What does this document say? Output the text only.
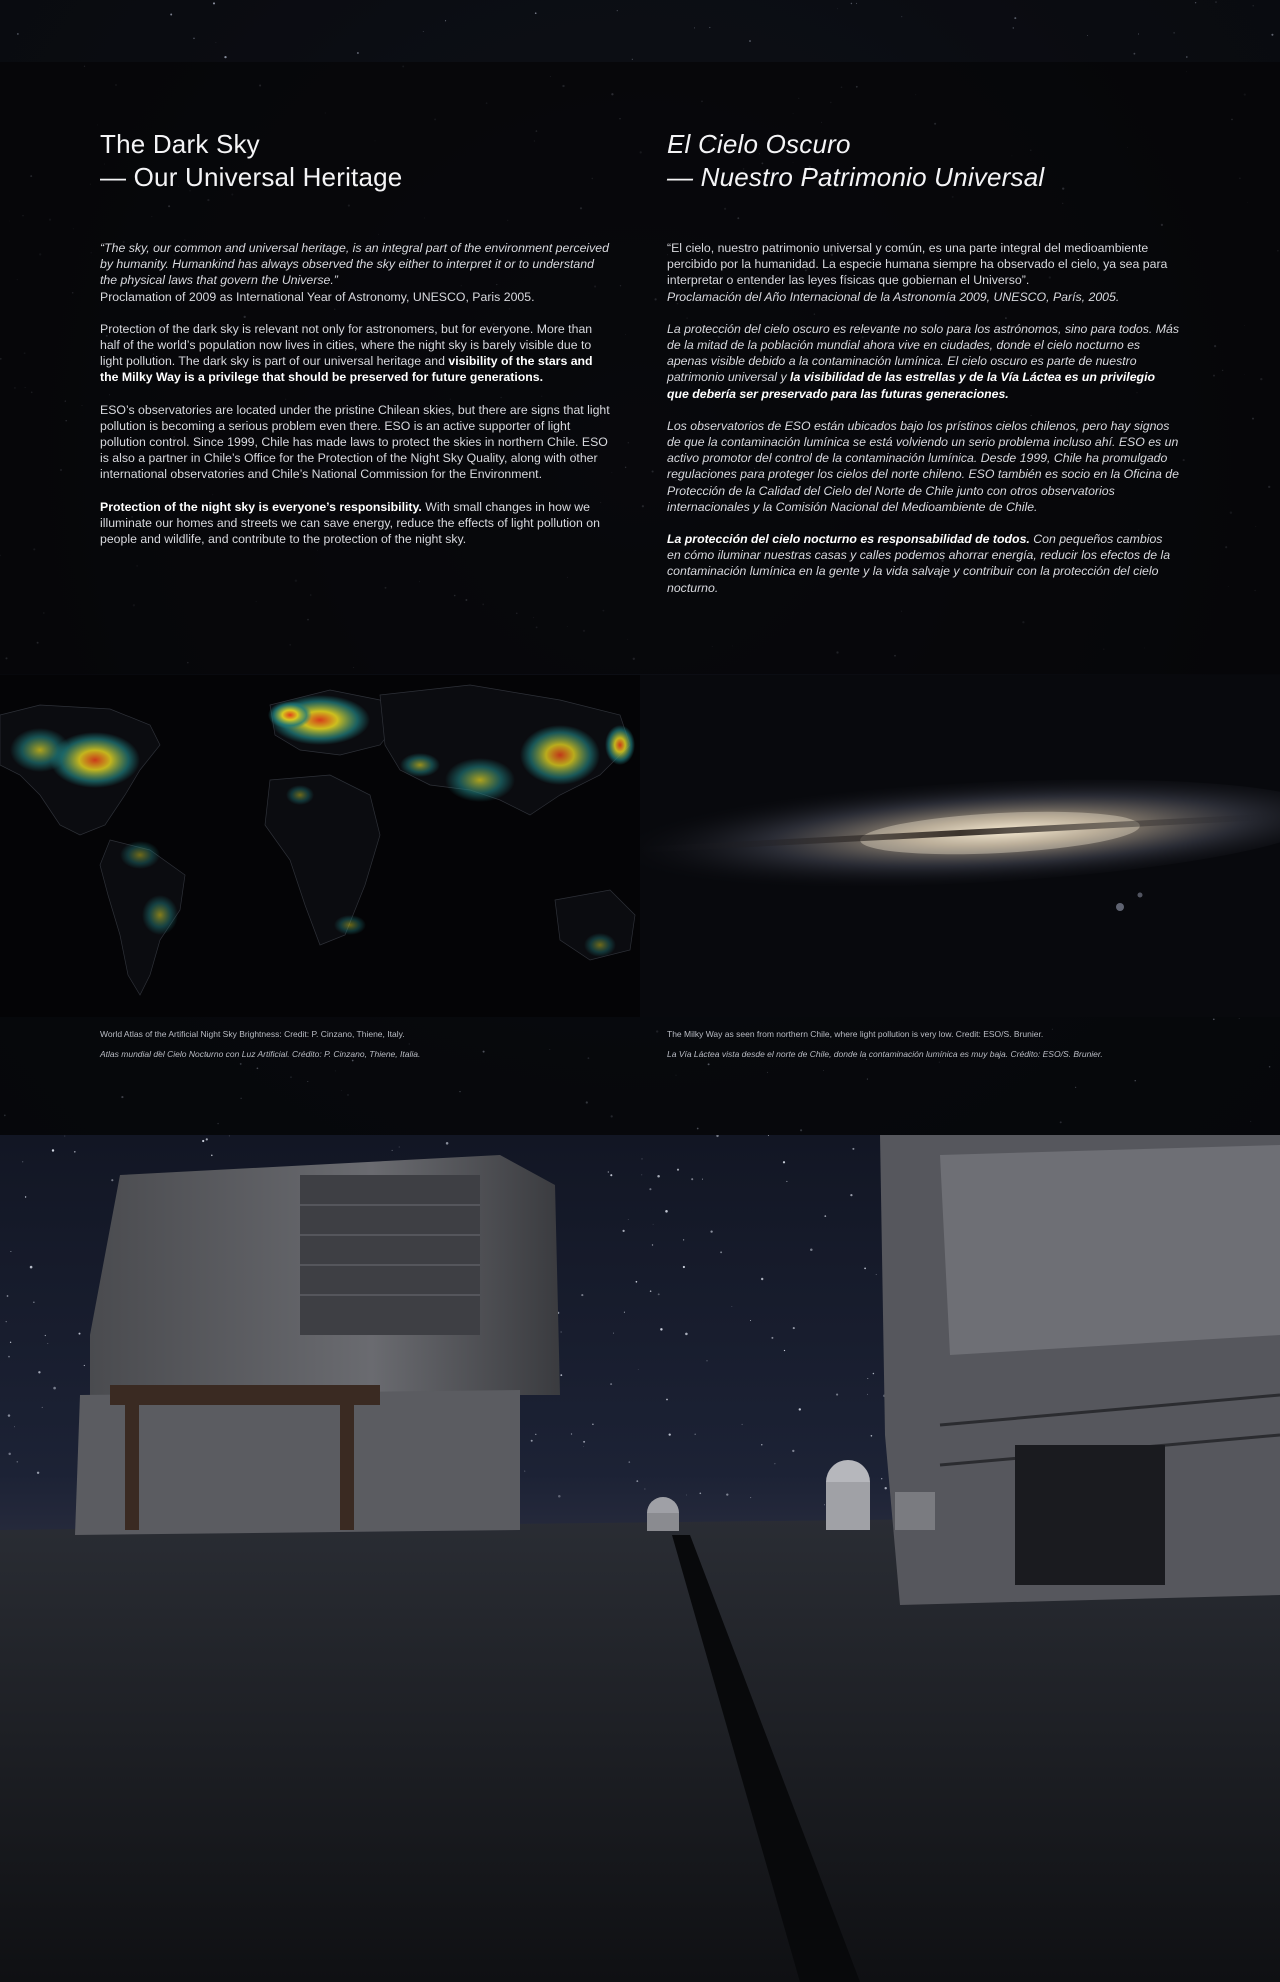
The Dark Sky
— Our Universal Heritage

“The sky, our common and universal heritage, is an integral part of the environment perceived by humanity. Humankind has always observed the sky either to interpret it or to understand the physical laws that govern the Universe.”
Proclamation of 2009 as International Year of Astronomy, UNESCO, Paris 2005.

Protection of the dark sky is relevant not only for astronomers, but for everyone. More than half of the world’s population now lives in cities, where the night sky is barely visible due to light pollution. The dark sky is part of our universal heritage and visibility of the stars and the Milky Way is a privilege that should be preserved for future generations.

ESO’s observatories are located under the pristine Chilean skies, but there are signs that light pollution is becoming a serious problem even there. ESO is an active supporter of light pollution control. Since 1999, Chile has made laws to protect the skies in northern Chile. ESO is also a partner in Chile’s Office for the Protection of the Night Sky Quality, along with other international observatories and Chile’s National Commission for the Environment.

Protection of the night sky is everyone’s responsibility. With small changes in how we illuminate our homes and streets we can save energy, reduce the effects of light pollution on people and wildlife, and contribute to the protection of the night sky.

El Cielo Oscuro
— Nuestro Patrimonio Universal

“El cielo, nuestro patrimonio universal y común, es una parte integral del medioambiente percibido por la humanidad. La especie humana siempre ha observado el cielo, ya sea para interpretar o entender las leyes físicas que gobiernan el Universo”.
Proclamación del Año Internacional de la Astronomía 2009, UNESCO, París, 2005.

La protección del cielo oscuro es relevante no solo para los astrónomos, sino para todos. Más de la mitad de la población mundial ahora vive en ciudades, donde el cielo nocturno es apenas visible debido a la contaminación lumínica. El cielo oscuro es parte de nuestro patrimonio universal y la visibilidad de las estrellas y de la Vía Láctea es un privilegio que debería ser preservado para las futuras generaciones.

Los observatorios de ESO están ubicados bajo los prístinos cielos chilenos, pero hay signos de que la contaminación lumínica se está volviendo un serio problema incluso ahí. ESO es un activo promotor del control de la contaminación lumínica. Desde 1999, Chile ha promulgado regulaciones para proteger los cielos del norte chileno. ESO también es socio en la Oficina de Protección de la Calidad del Cielo del Norte de Chile junto con otros observatorios internacionales y la Comisión Nacional del Medioambiente de Chile.

La protección del cielo nocturno es responsabilidad de todos. Con pequeños cambios en cómo iluminar nuestras casas y calles podemos ahorrar energía, reducir los efectos de la contaminación lumínica en la gente y la vida salvaje y contribuir con la protección del cielo nocturno.

World Atlas of the Artificial Night Sky Brightness: Credit: P. Cinzano, Thiene, Italy.
Atlas mundial del Cielo Nocturno con Luz Artificial. Crédito: P. Cinzano, Thiene, Italia.
The Milky Way as seen from northern Chile, where light pollution is very low. Credit: ESO/S. Brunier.
La Vía Láctea vista desde el norte de Chile, donde la contaminación lumínica es muy baja. Crédito: ESO/S. Brunier.
